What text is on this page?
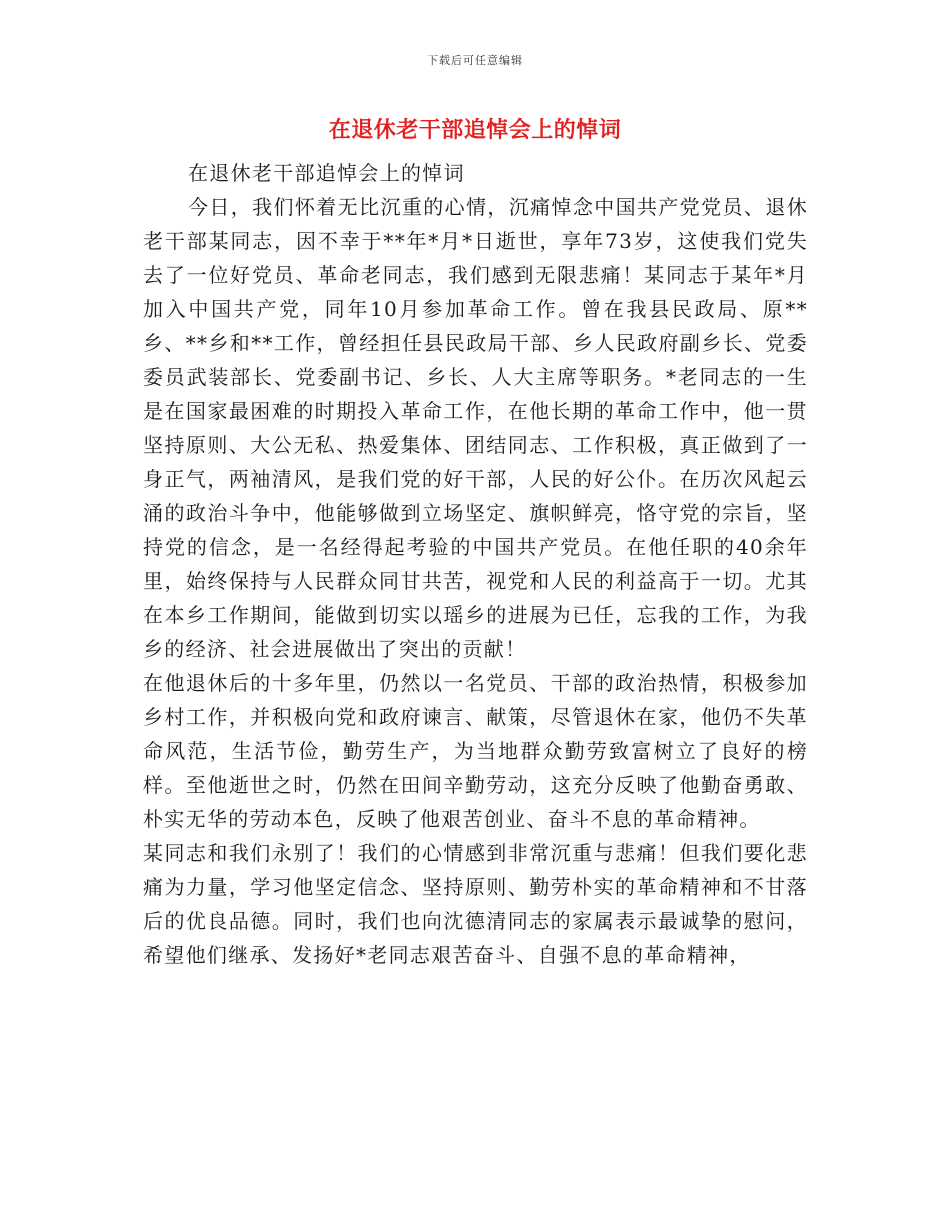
下载后可任意编辑
在退休老干部追悼会上的悼词

在退休老干部追悼会上的悼词

今日，我们怀着无比沉重的心情，沉痛悼念中国共产党党员、退休老干部某同志，因不幸于**年*月*日逝世，享年73岁，这使我们党失去了一位好党员、革命老同志，我们感到无限悲痛！某同志于某年*月加入中国共产党，同年10月参加革命工作。曾在我县民政局、原**乡、**乡和**工作，曾经担任县民政局干部、乡人民政府副乡长、党委委员武装部长、党委副书记、乡长、人大主席等职务。*老同志的一生是在国家最困难的时期投入革命工作，在他长期的革命工作中，他一贯坚持原则、大公无私、热爱集体、团结同志、工作积极，真正做到了一身正气，两袖清风，是我们党的好干部，人民的好公仆。在历次风起云涌的政治斗争中，他能够做到立场坚定、旗帜鲜亮，恪守党的宗旨，坚持党的信念，是一名经得起考验的中国共产党员。在他任职的40余年里，始终保持与人民群众同甘共苦，视党和人民的利益高于一切。尤其在本乡工作期间，能做到切实以瑶乡的进展为已任，忘我的工作，为我乡的经济、社会进展做出了突出的贡献！

在他退休后的十多年里，仍然以一名党员、干部的政治热情，积极参加乡村工作，并积极向党和政府谏言、献策，尽管退休在家，他仍不失革命风范，生活节俭，勤劳生产，为当地群众勤劳致富树立了良好的榜样。至他逝世之时，仍然在田间辛勤劳动，这充分反映了他勤奋勇敢、朴实无华的劳动本色，反映了他艰苦创业、奋斗不息的革命精神。

某同志和我们永别了！我们的心情感到非常沉重与悲痛！但我们要化悲痛为力量，学习他坚定信念、坚持原则、勤劳朴实的革命精神和不甘落后的优良品德。同时，我们也向沈德清同志的家属表示最诚挚的慰问，希望他们继承、发扬好*老同志艰苦奋斗、自强不息的革命精神，
